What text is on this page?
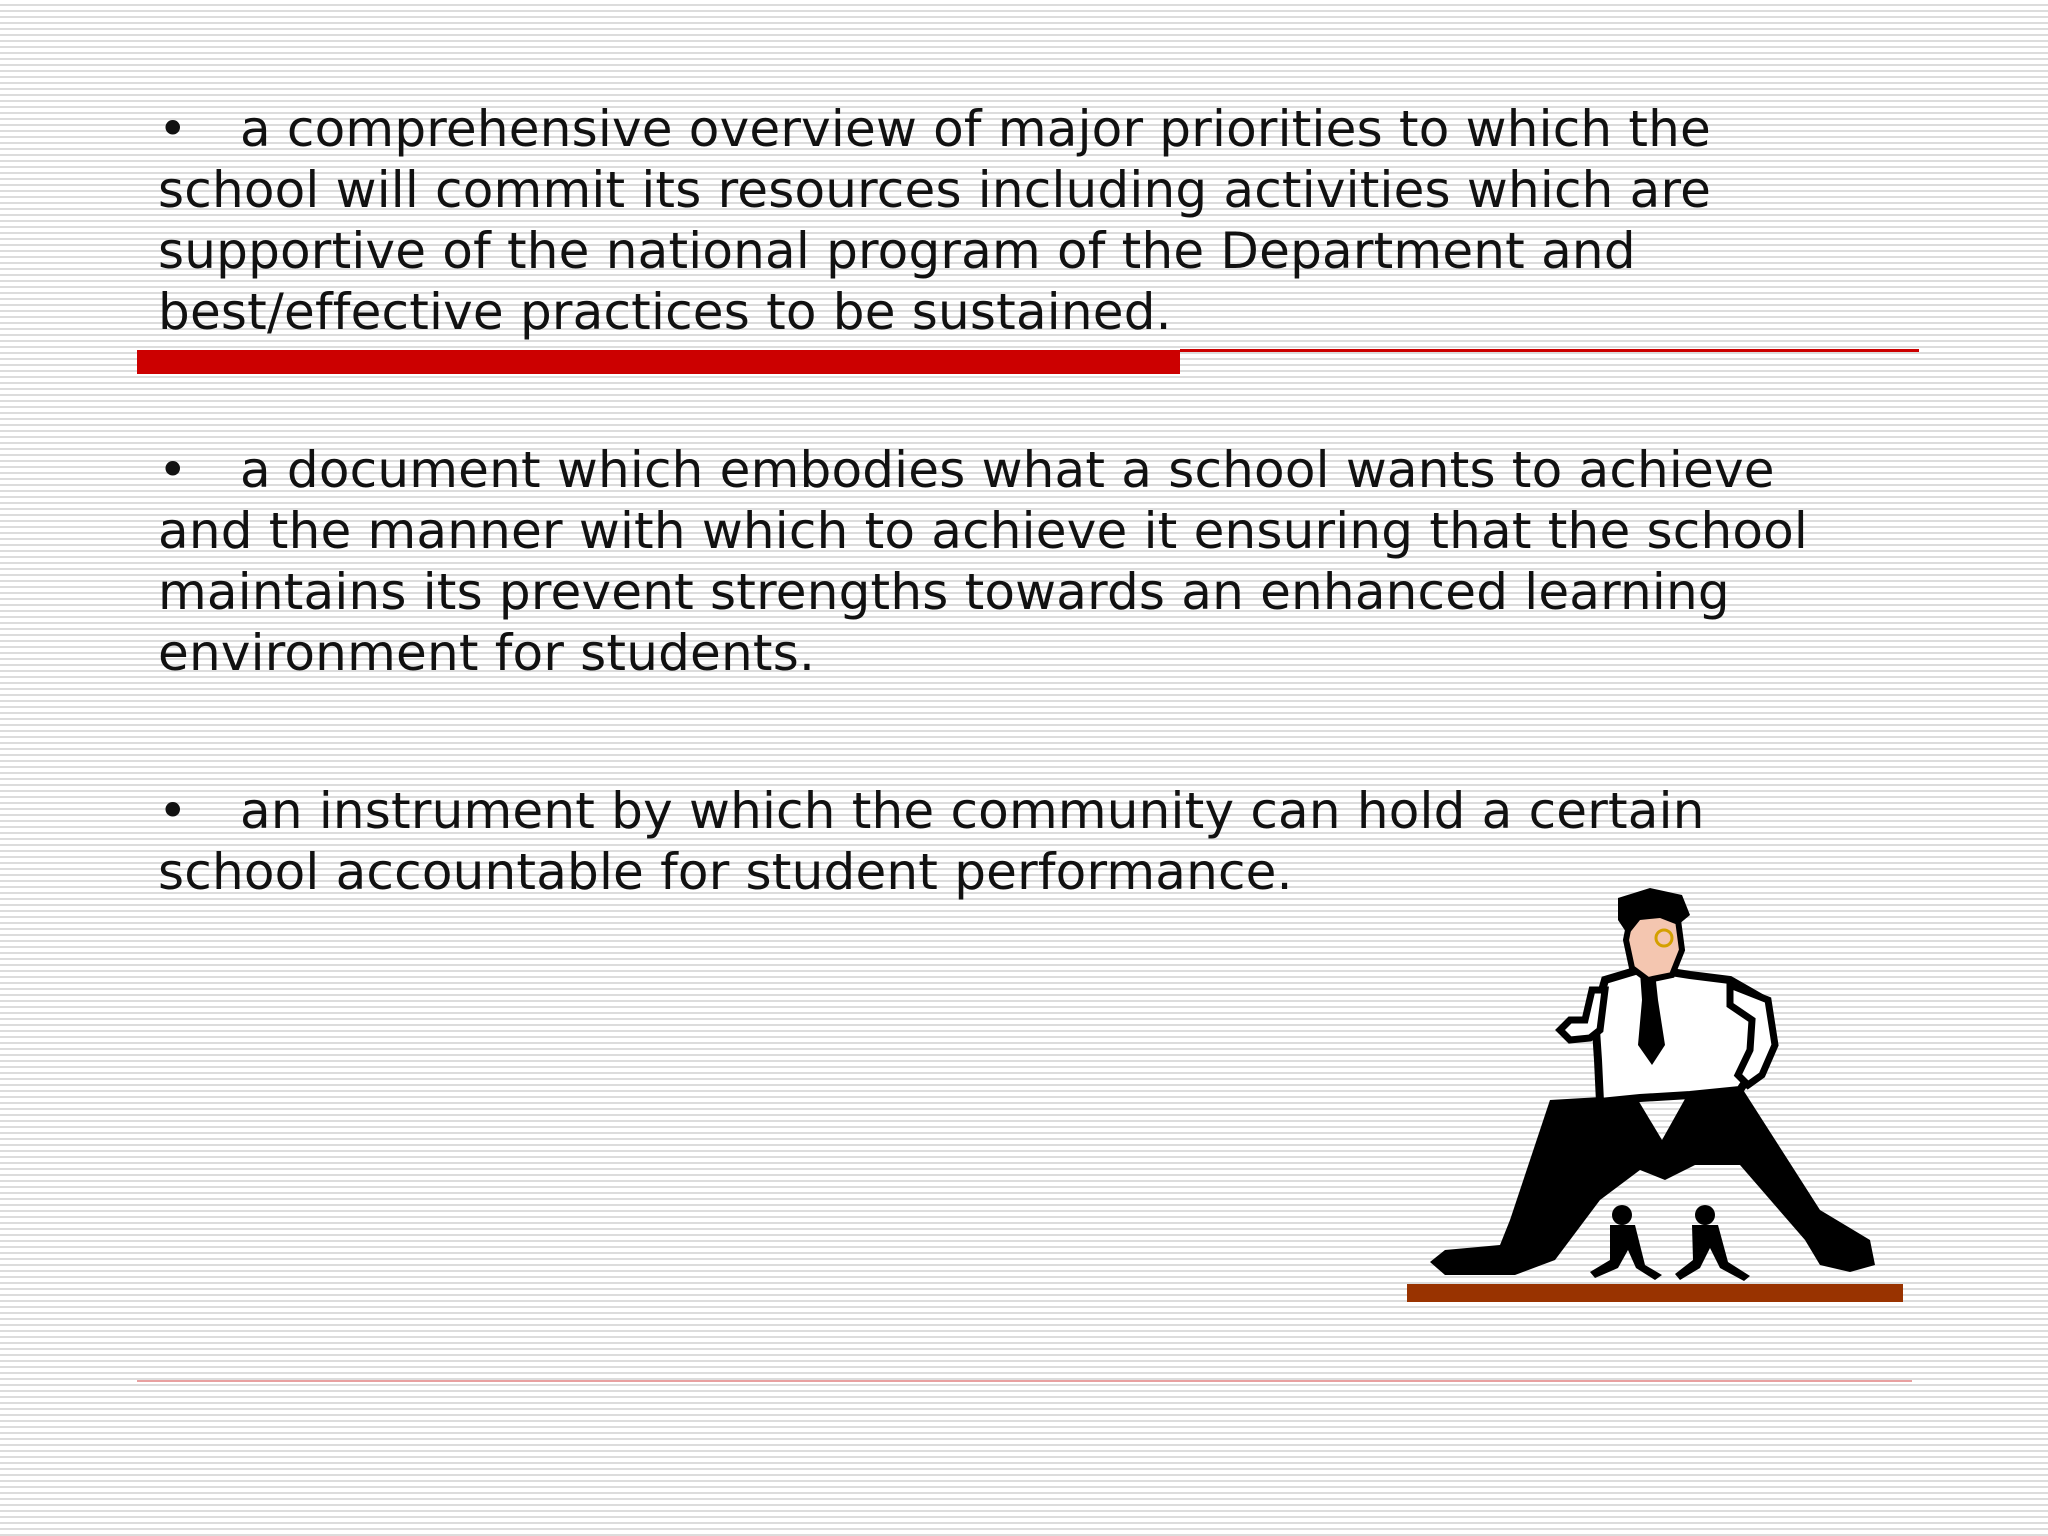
• a comprehensive overview of major priorities to which the school will commit its resources including activities which are supportive of the national program of the Department and best/effective practices to be sustained.
• a document which embodies what a school wants to achieve and the manner with which to achieve it ensuring that the school maintains its prevent strengths towards an enhanced learning environment for students.
• an instrument by which the community can hold a certain school accountable for student performance.
